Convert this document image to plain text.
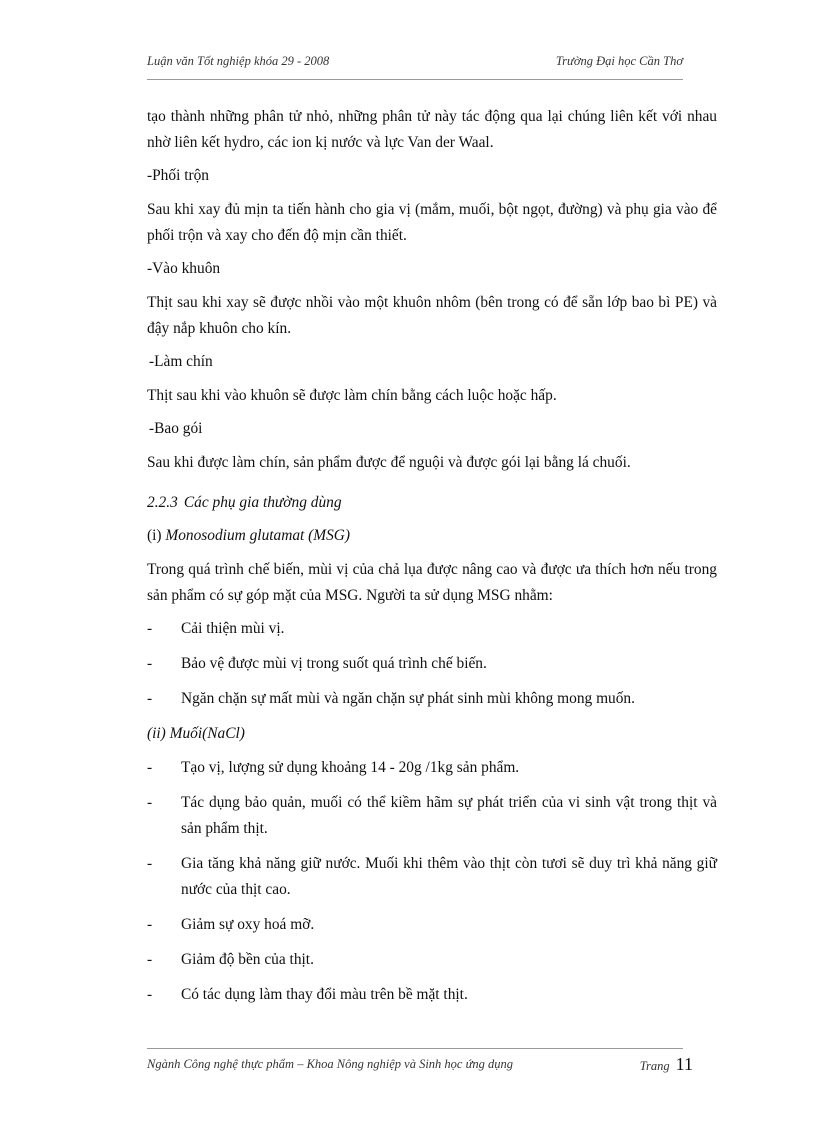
Luận văn Tốt nghiệp khóa 29 - 2008	Trường Đại học Cần Thơ

tạo thành những phân tử nhỏ, những phân tử này tác động qua lại chúng liên kết với nhau nhờ liên kết hydro, các ion kị nước và lực Van der Waal.

-Phối trộn

Sau khi xay đủ mịn ta tiến hành cho gia vị (mắm, muối, bột ngọt, đường) và phụ gia vào để phối trộn và xay cho đến độ mịn cần thiết.

-Vào khuôn

Thịt sau khi xay sẽ được nhồi vào một khuôn nhôm (bên trong có để sẵn lớp bao bì PE) và đậy nắp khuôn cho kín.

-Làm chín

Thịt sau khi vào khuôn sẽ được làm chín bằng cách luộc hoặc hấp.

-Bao gói

Sau khi được làm chín, sản phẩm được để nguội và được gói lại bằng lá chuối.

2.2.3 Các phụ gia thường dùng

(i) Monosodium glutamat (MSG)

Trong quá trình chế biến, mùi vị của chả lụa được nâng cao và được ưa thích hơn nếu trong sản phẩm có sự góp mặt của MSG. Người ta sử dụng MSG nhằm:

- Cải thiện mùi vị.
- Bảo vệ được mùi vị trong suốt quá trình chế biến.
- Ngăn chặn sự mất mùi và ngăn chặn sự phát sinh mùi không mong muốn.

(ii) Muối(NaCl)

- Tạo vị, lượng sử dụng khoảng 14 - 20g /1kg sản phẩm.
- Tác dụng bảo quản, muối có thể kiềm hãm sự phát triển của vi sinh vật trong thịt và sản phẩm thịt.
- Gia tăng khả năng giữ nước. Muối khi thêm vào thịt còn tươi sẽ duy trì khả năng giữ nước của thịt cao.
- Giảm sự oxy hoá mỡ.
- Giảm độ bền của thịt.
- Có tác dụng làm thay đổi màu trên bề mặt thịt.
Ngành Công nghệ thực phẩm – Khoa Nông nghiệp và Sinh học ứng dụng	Trang 11
